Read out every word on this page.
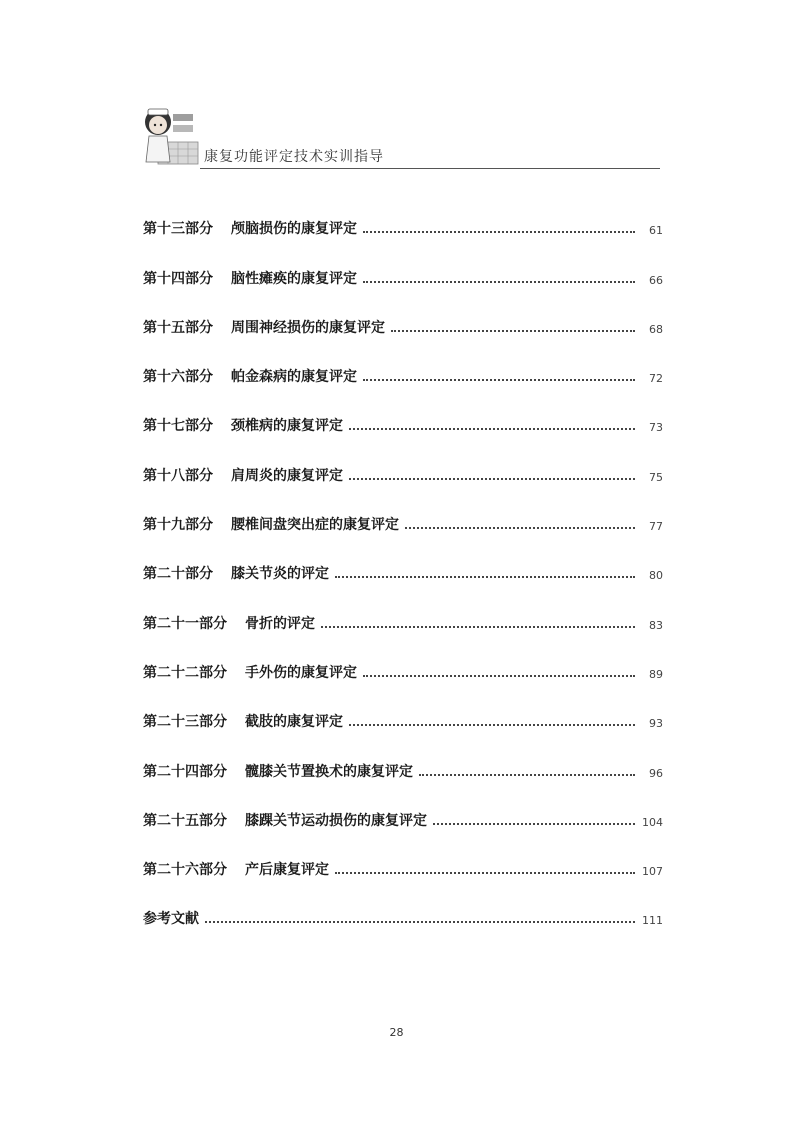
康复功能评定技术实训指导
第十三部分 颅脑损伤的康复评定	61
第十四部分 脑性瘫痪的康复评定	66
第十五部分 周围神经损伤的康复评定	68
第十六部分 帕金森病的康复评定	72
第十七部分 颈椎病的康复评定	73
第十八部分 肩周炎的康复评定	75
第十九部分 腰椎间盘突出症的康复评定	77
第二十部分 膝关节炎的评定	80
第二十一部分 骨折的评定	83
第二十二部分 手外伤的康复评定	89
第二十三部分 截肢的康复评定	93
第二十四部分 髋膝关节置换术的康复评定	96
第二十五部分 膝踝关节运动损伤的康复评定	104
第二十六部分 产后康复评定	107
参考文献	111
28
